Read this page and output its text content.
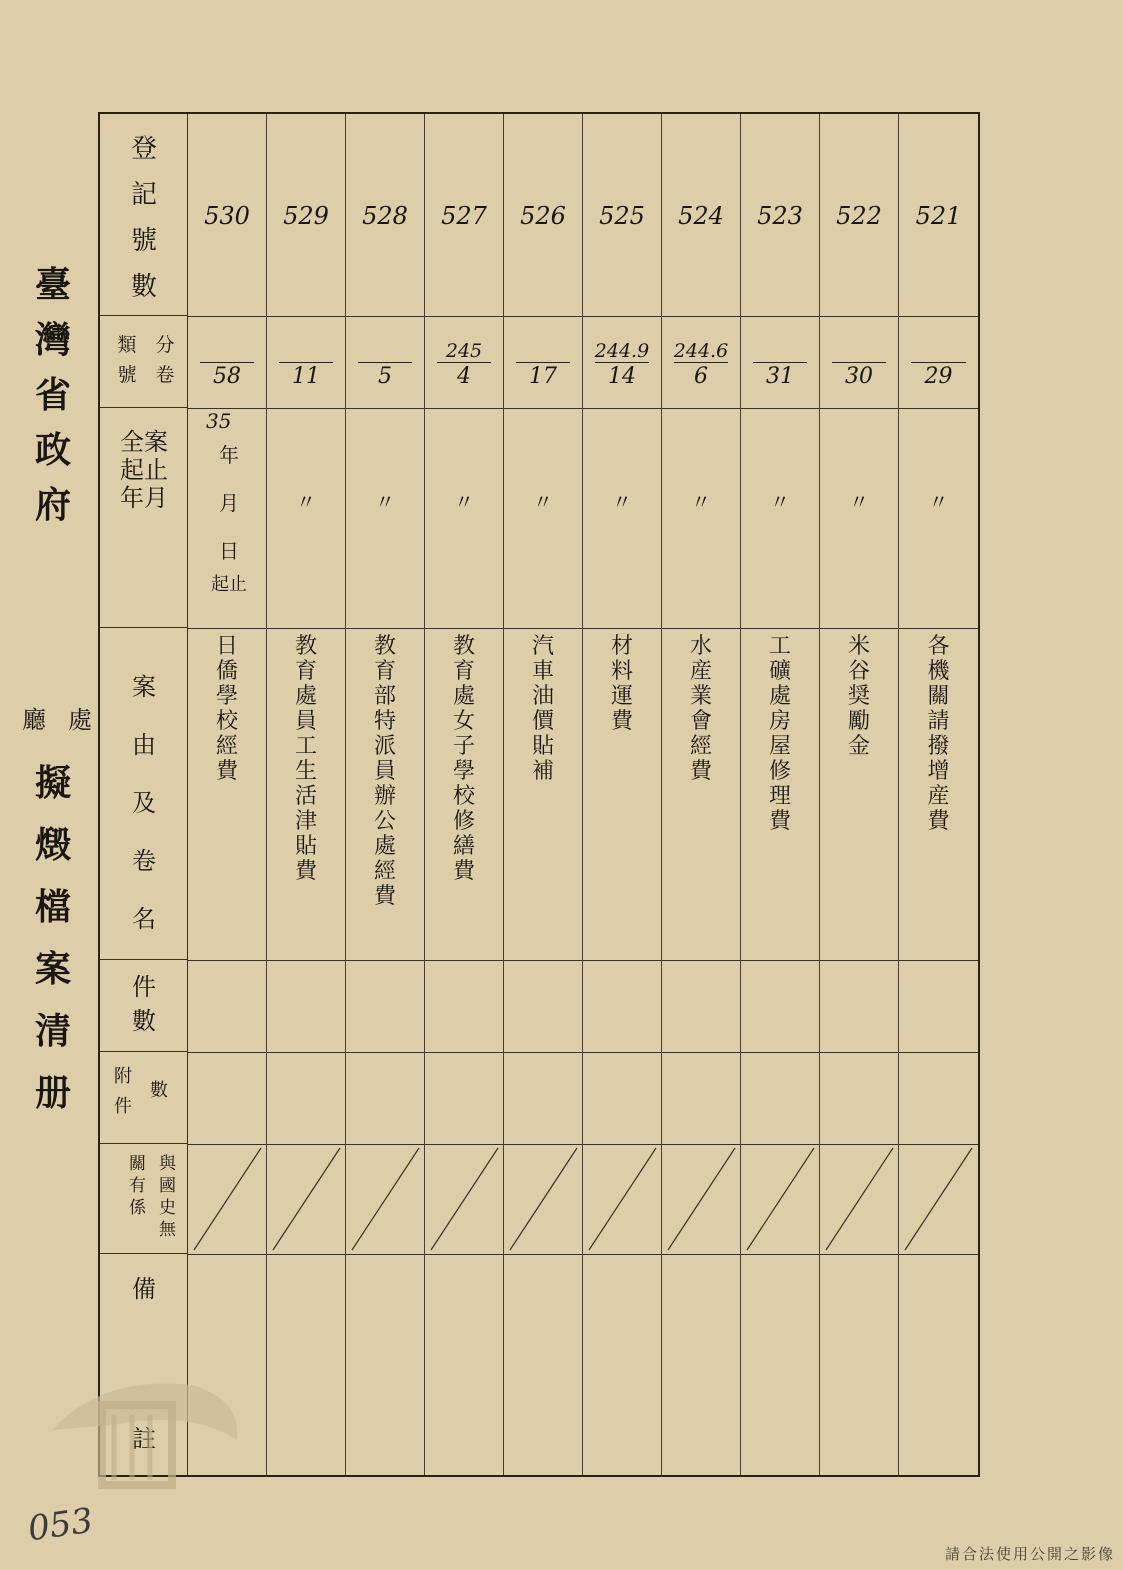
臺灣省政府
廳處
擬燬檔案清册
登記號數
分卷
類號
全案起止年月
案由及卷名
件數
附件
數
與國史無關有係
備
註
530
58
日僑學校經費
529
11
〃
教育處員工生活津貼費
528
5
〃
教育部特派員辦公處經費
527
245
4
〃
教育處女子學校修繕費
526
17
〃
汽車油價貼補
525
244.9
14
〃
材料運費
524
244.6
6
〃
水産業會經費
523
31
〃
工礦處房屋修理費
522
30
〃
米谷奨勵金
521
29
〃
各機關請撥增産費
35
年
月
日
起止
053
請合法使用公開之影像
